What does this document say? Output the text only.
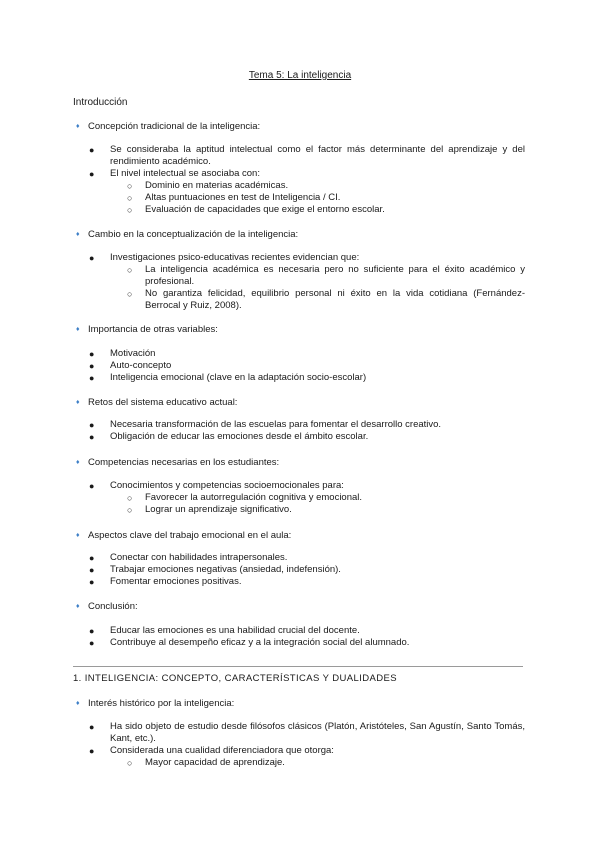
Tema 5: La inteligencia
Introducción
♦ Concepción tradicional de la inteligencia:
● Se consideraba la aptitud intelectual como el factor más determinante del aprendizaje y del rendimiento académico.
● El nivel intelectual se asociaba con:
○ Dominio en materias académicas.
○ Altas puntuaciones en test de Inteligencia / CI.
○ Evaluación de capacidades que exige el entorno escolar.
♦ Cambio en la conceptualización de la inteligencia:
● Investigaciones psico-educativas recientes evidencian que:
○ La inteligencia académica es necesaria pero no suficiente para el éxito académico y profesional.
○ No garantiza felicidad, equilibrio personal ni éxito en la vida cotidiana (Fernández-Berrocal y Ruiz, 2008).
♦ Importancia de otras variables:
● Motivación
● Auto-concepto
● Inteligencia emocional (clave en la adaptación socio-escolar)
♦ Retos del sistema educativo actual:
● Necesaria transformación de las escuelas para fomentar el desarrollo creativo.
● Obligación de educar las emociones desde el ámbito escolar.
♦ Competencias necesarias en los estudiantes:
● Conocimientos y competencias socioemocionales para:
○ Favorecer la autorregulación cognitiva y emocional.
○ Lograr un aprendizaje significativo.
♦ Aspectos clave del trabajo emocional en el aula:
● Conectar con habilidades intrapersonales.
● Trabajar emociones negativas (ansiedad, indefensión).
● Fomentar emociones positivas.
♦ Conclusión:
● Educar las emociones es una habilidad crucial del docente.
● Contribuye al desempeño eficaz y a la integración social del alumnado.
1. INTELIGENCIA: CONCEPTO, CARACTERÍSTICAS Y DUALIDADES
♦ Interés histórico por la inteligencia:
● Ha sido objeto de estudio desde filósofos clásicos (Platón, Aristóteles, San Agustín, Santo Tomás, Kant, etc.).
● Considerada una cualidad diferenciadora que otorga:
○ Mayor capacidad de aprendizaje.
